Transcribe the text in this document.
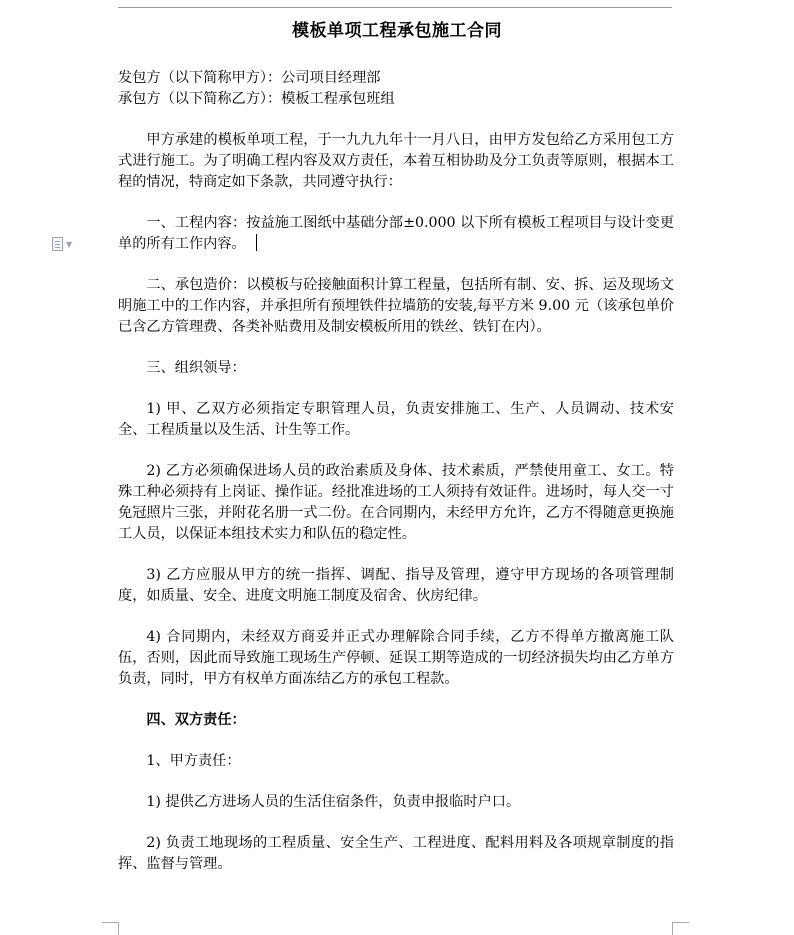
模板单项工程承包施工合同
▼

发包方（以下简称甲方）：公司项目经理部

承包方（以下简称乙方）：模板工程承包班组

甲方承建的模板单项工程，于一九九九年十一月八日，由甲方发包给乙方采用包工方式进行施工。为了明确工程内容及双方责任，本着互相协助及分工负责等原则，根据本工程的情况，特商定如下条款，共同遵守执行：

一、工程内容：按益施工图纸中基础分部±0.000 以下所有模板工程项目与设计变更单的所有工作内容。

二、承包造价：以模板与砼接触面积计算工程量，包括所有制、安、拆、运及现场文明施工中的工作内容，并承担所有预埋铁件拉墙筋的安装,每平方米 9.00 元（该承包单价已含乙方管理费、各类补贴费用及制安模板所用的铁丝、铁钉在内）。

三、组织领导：

1) 甲、乙双方必须指定专职管理人员，负责安排施工、生产、人员调动、技术安全、工程质量以及生活、计生等工作。

2) 乙方必须确保进场人员的政治素质及身体、技术素质，严禁使用童工、女工。特殊工种必须持有上岗证、操作证。经批准进场的工人须持有效证件。进场时，每人交一寸免冠照片三张，并附花名册一式二份。在合同期内，未经甲方允许，乙方不得随意更换施工人员，以保证本组技术实力和队伍的稳定性。

3) 乙方应服从甲方的统一指挥、调配、指导及管理，遵守甲方现场的各项管理制度，如质量、安全、进度文明施工制度及宿舍、伙房纪律。

4) 合同期内，未经双方商妥并正式办理解除合同手续，乙方不得单方撤离施工队伍，否则，因此而导致施工现场生产停顿、延误工期等造成的一切经济损失均由乙方单方负责，同时，甲方有权单方面冻结乙方的承包工程款。

四、双方责任：

1、甲方责任：

1) 提供乙方进场人员的生活住宿条件，负责申报临时户口。

2) 负责工地现场的工程质量、安全生产、工程进度、配料用料及各项规章制度的指挥、监督与管理。
